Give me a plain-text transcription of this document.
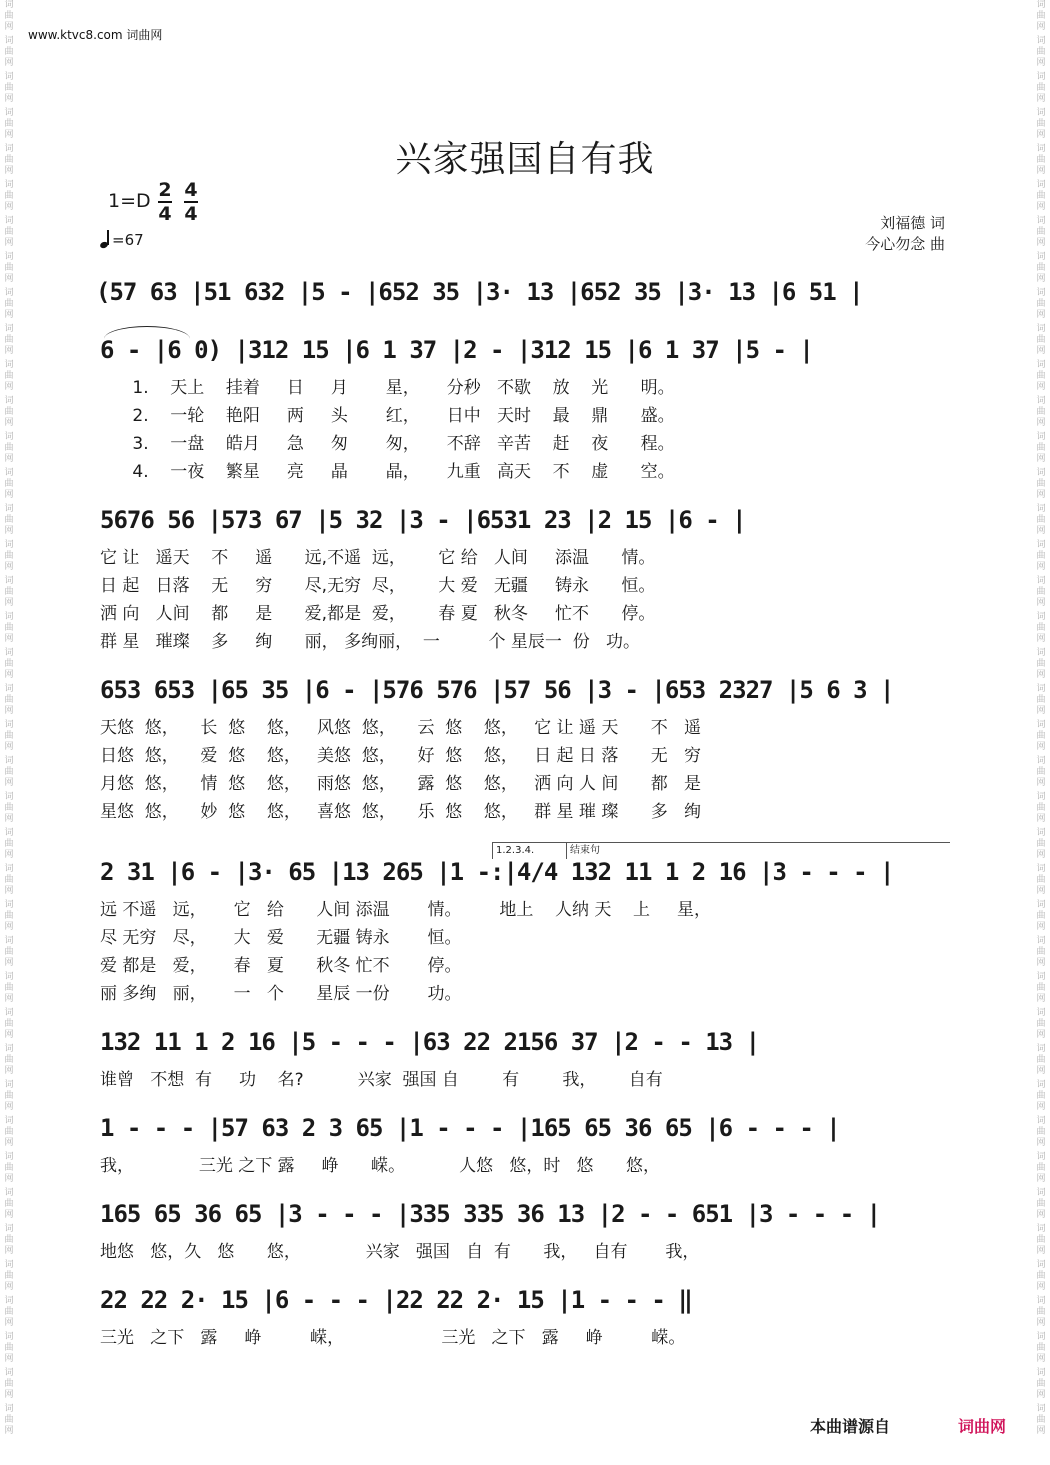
词
曲
网
词
曲
网
词
曲
网
词
曲
网
词
曲
网
词
曲
网
词
曲
网
词
曲
网
词
曲
网
词
曲
网
词
曲
网
词
曲
网
词
曲
网
词
曲
网
词
曲
网
词
曲
网
词
曲
网
词
曲
网
词
曲
网
词
曲
网
词
曲
网
词
曲
网
词
曲
网
词
曲
网
词
曲
网
词
曲
网
词
曲
网
词
曲
网
词
曲
网
词
曲
网
词
曲
网
词
曲
网
词
曲
网
词
曲
网
词
曲
网
词
曲
网
词
曲
网
词
曲
网
词
曲
网
词
曲
网
词
曲
网
词
曲
网
词
曲
网
词
曲
网
词
曲
网
词
曲
网
词
曲
网
词
曲
网
词
曲
网
词
曲
网
词
曲
网
词
曲
网
词
曲
网
词
曲
网
词
曲
网
词
曲
网
词
曲
网
词
曲
网
词
曲
网
词
曲
网
词
曲
网
词
曲
网
词
曲
网
词
曲
网
词
曲
网
词
曲
网
词
曲
网
词
曲
网
词
曲
网
词
曲
网
词
曲
网
词
曲
网
词
曲
网
词
曲
网
词
曲
网
词
曲
网
词
曲
网
词
曲
网
词
曲
网
词
曲
网
www.ktvc8.com 词曲网
兴家强国自有我
1=D 2
4
4
4
=67
刘福德 词
今心勿念 曲
(57 63 |51 632 |5 - |652 35 |3· 13 |652 35 |3· 13 |6 51 |
6 - |6 0) |312 15 |6 1 37 |2 - |312 15 |6 1 37 |5 - |
1.    天上    挂着     日     月       星，     分秒   不歇    放    光      明。
2.    一轮    艳阳     两     头       红，     日中   天时    最    鼎      盛。
3.    一盘    皓月     急     匆       匆，     不辞   辛苦    赶    夜      程。
4.    一夜    繁星     亮     晶       晶，     九重   高天    不    虚      空。
5676 56 |573 67 |5 32 |3 - |6531 23 |2 15 |6 - |
它 让   遥天    不     遥      远,不遥  远，      它 给   人间     添温      情。
日 起   日落    无     穷      尽,无穷  尽，      大 爱   无疆     铸永      恒。
洒 向   人间    都     是      爱,都是  爱，      春 夏   秋冬     忙不      停。
群 星   璀璨    多     绚      丽， 多绚丽，  一         个 星辰一  份   功。
653 653 |65 35 |6 - |576 576 |57 56 |3 - |653 2327 |5 6 3 |
天悠  悠，    长  悠    悠，   风悠  悠，    云  悠    悠，   它 让 遥 天      不   遥
日悠  悠，    爱  悠    悠，   美悠  悠，    好  悠    悠，   日 起 日 落      无   穷
月悠  悠，    情  悠    悠，   雨悠  悠，    露  悠    悠，   洒 向 人 间      都   是
星悠  悠，    妙  悠    悠，   喜悠  悠，    乐  悠    悠，   群 星 璀 璨      多   绚
1.2.3.4.	结束句
2 31 |6 - |3· 65 |13 265 |1 -:|4/4 132 11 1 2 16 |3 - - - |
远 不遥   远，     它   给      人间 添温       情。       地上    人纳 天    上     星，
尽 无穷   尽，     大   爱      无疆 铸永       恒。
爱 都是   爱，     春   夏      秋冬 忙不       停。
丽 多绚   丽，     一   个      星辰 一份       功。
132 11 1 2 16 |5 - - - |63 22 2156 37 |2 - - 13 |
谁曾   不想  有     功    名?          兴家  强国 自        有        我，      自有
1 - - - |57 63 2 3 65 |1 - - - |165 65 36 65 |6 - - - |
我，            三光 之下 露     峥      嵘。          人悠   悠，时   悠      悠，
165 65 36 65 |3 - - - |335 335 36 13 |2 - - 651 |3 - - - |
地悠   悠，久   悠      悠，            兴家   强国   自  有      我，   自有       我，
22 22 2· 15 |6 - - - |22 22 2· 15 |1 - - - ‖
三光   之下   露     峥         嵘，                  三光   之下   露     峥         嵘。
本曲谱源自	词曲网
